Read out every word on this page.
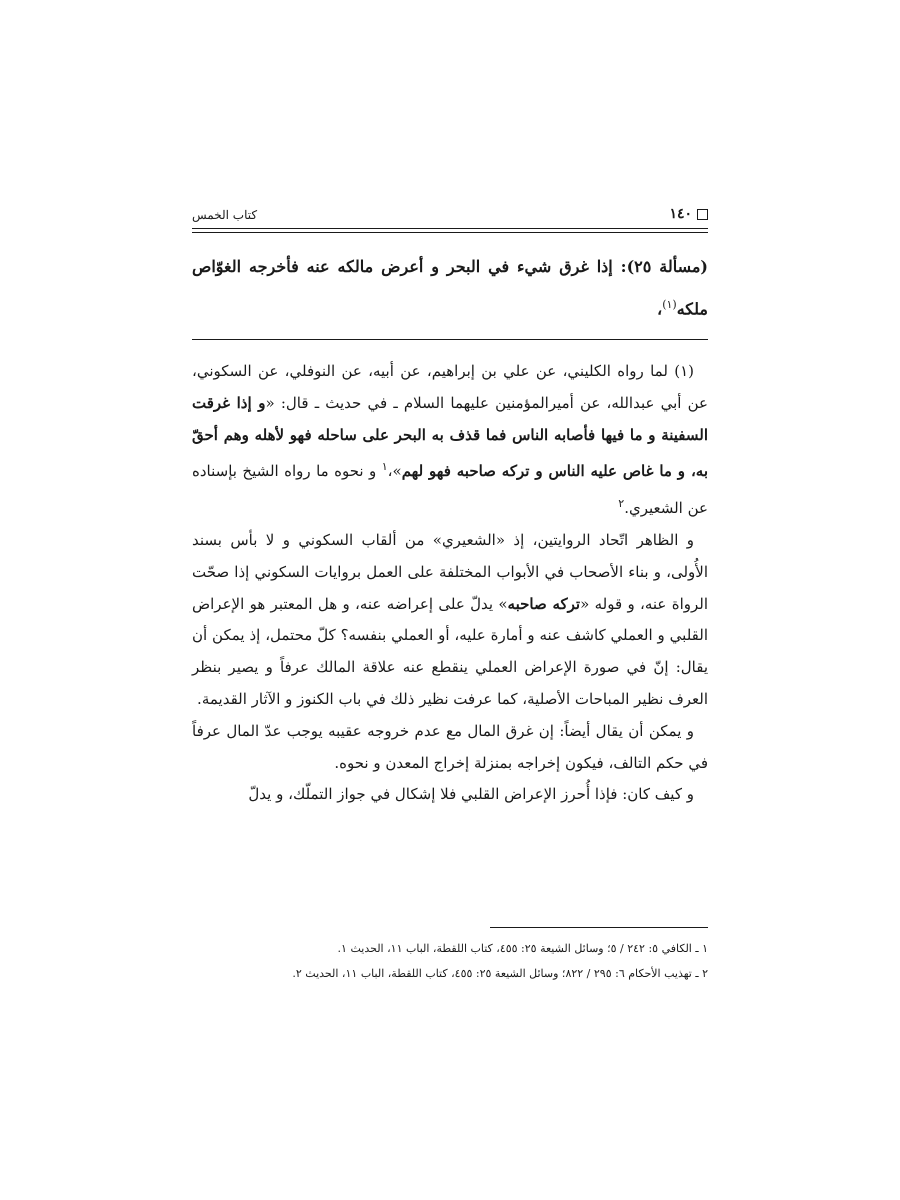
١٤٠
كتاب الخمس

(مسألة ٢٥): إذا غرق شيء في البحر و أعرض مالكه عنه فأخرجه الغوّاص ملكه$^{(١)}$،

(١) لما رواه الكليني، عن علي بن إبراهيم، عن أبيه، عن النوفلي، عن السكوني، عن أبي عبدالله، عن أميرالمؤمنين عليهما السلام ـ في حديث ـ قال: «و إذا غرقت السفينة و ما فيها فأصابه الناس فما قذف به البحر على ساحله فهو لأهله وهم أحقّ به، و ما غاص عليه الناس و تركه صاحبه فهو لهم»،$^١$ و نحوه ما رواه الشيخ بإسناده عن الشعيري.$^٢$

و الظاهر اتّحاد الروايتين، إذ «الشعيري» من ألقاب السكوني و لا بأس بسند الأُولى، و بناء الأصحاب في الأبواب المختلفة على العمل بروايات السكوني إذا صحّت الرواة عنه، و قوله «تركه صاحبه» يدلّ على إعراضه عنه، و هل المعتبر هو الإعراض القلبي و العملي كاشف عنه و أمارة عليه، أو العملي بنفسه؟ كلّ محتمل، إذ يمكن أن يقال: إنّ في صورة الإعراض العملي ينقطع عنه علاقة المالك عرفاً و يصير بنظر العرف نظير المباحات الأصلية، كما عرفت نظير ذلك في باب الكنوز و الآثار القديمة.

و يمكن أن يقال أيضاً: إن غرق المال مع عدم خروجه عقيبه يوجب عدّ المال عرفاً في حكم التالف، فيكون إخراجه بمنزلة إخراج المعدن و نحوه.

و كيف كان: فإذا أُحرز الإعراض القلبي فلا إشكال في جواز التملّك، و يدلّ

١ ـ الكافي ٥: ٢٤٢ / ٥؛ وسائل الشيعة ٢٥: ٤٥٥، كتاب اللقطة، الباب ١١، الحديث ١.
٢ ـ تهذيب الأحكام ٦: ٢٩٥ / ٨٢٢؛ وسائل الشيعة ٢٥: ٤٥٥، كتاب اللقطة، الباب ١١، الحديث ٢.
